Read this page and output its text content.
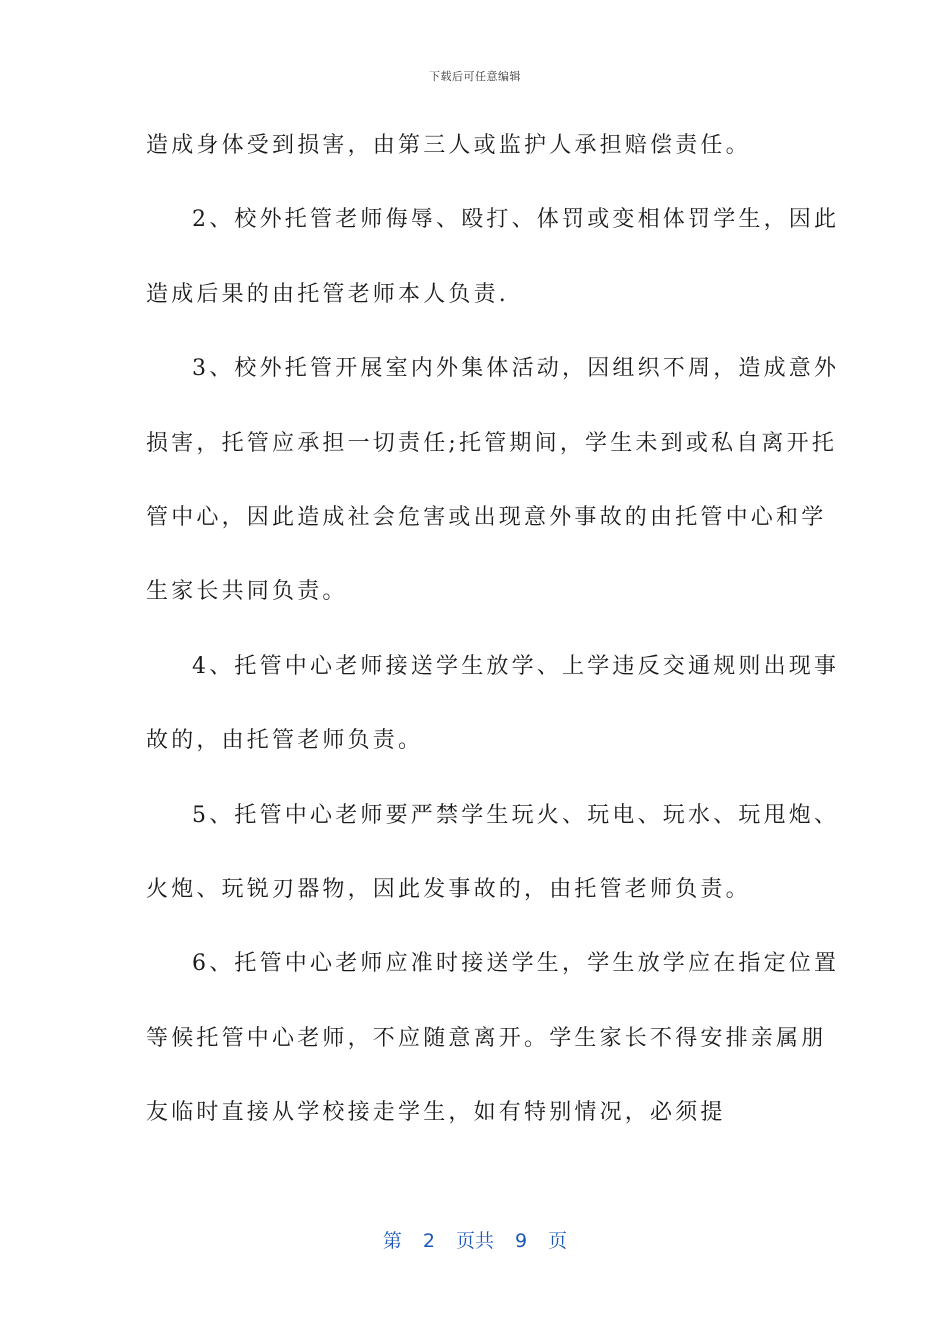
下载后可任意编辑
造成身体受到损害，由第三人或监护人承担赔偿责任。
2、校外托管老师侮辱、殴打、体罚或变相体罚学生，因此
造成后果的由托管老师本人负责.
3、校外托管开展室内外集体活动，因组织不周，造成意外
损害，托管应承担一切责任;托管期间，学生未到或私自离开托
管中心，因此造成社会危害或出现意外事故的由托管中心和学
生家长共同负责。
4、托管中心老师接送学生放学、上学违反交通规则出现事
故的，由托管老师负责。
5、托管中心老师要严禁学生玩火、玩电、玩水、玩甩炮、
火炮、玩锐刃器物，因此发事故的，由托管老师负责。
6、托管中心老师应准时接送学生，学生放学应在指定位置
等候托管中心老师，不应随意离开。学生家长不得安排亲属朋
友临时直接从学校接走学生，如有特别情况，必须提
第 2 页共 9 页
